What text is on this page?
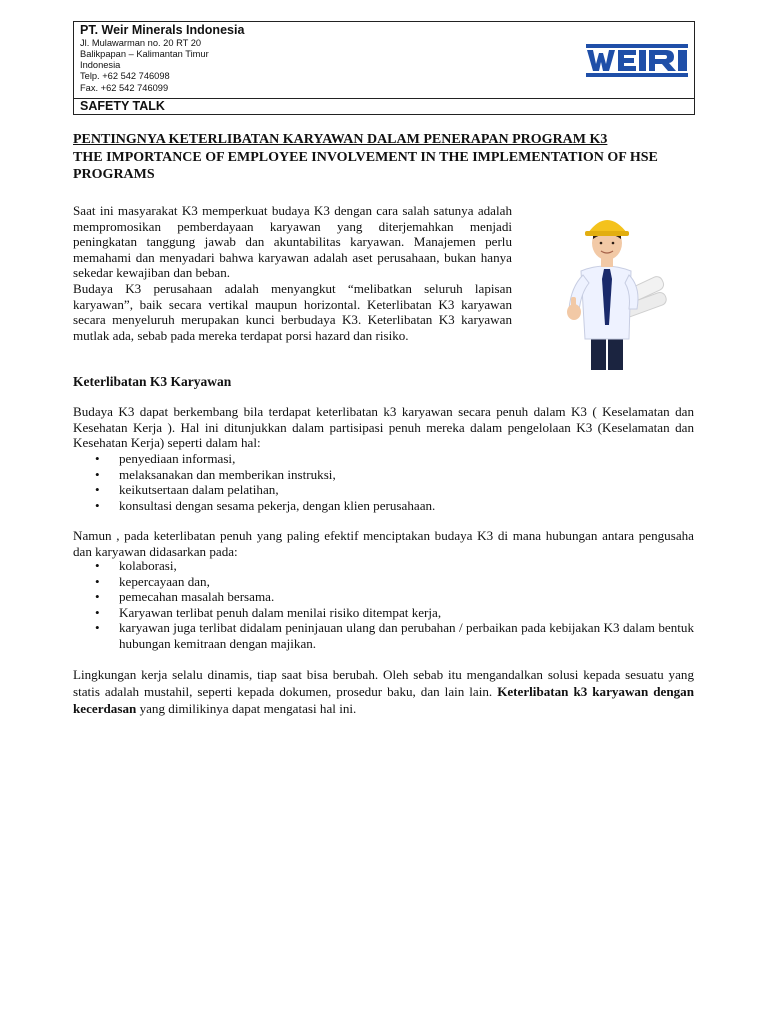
PT. Weir Minerals Indonesia
Jl. Mulawarman no. 20 RT 20
Balikpapan – Kalimantan Timur
Indonesia
Telp. +62 542 746098
Fax. +62 542 746099
SAFETY TALK
PENTINGNYA KETERLIBATAN KARYAWAN DALAM PENERAPAN PROGRAM K3
THE IMPORTANCE OF EMPLOYEE INVOLVEMENT IN THE IMPLEMENTATION OF HSE
PROGRAMS

Saat ini masyarakat K3 memperkuat budaya K3 dengan cara salah satunya adalah mempromosikan pemberdayaan karyawan yang diterjemahkan menjadi peningkatan tanggung jawab dan akuntabilitas karyawan. Manajemen perlu memahami dan menyadari bahwa karyawan adalah aset perusahaan, bukan hanya sekedar kewajiban dan beban.

Budaya K3 perusahaan adalah menyangkut “melibatkan seluruh lapisan karyawan”, baik secara vertikal maupun horizontal. Keterlibatan K3 karyawan secara menyeluruh merupakan kunci berbudaya K3. Keterlibatan K3 karyawan mutlak ada, sebab pada mereka terdapat porsi hazard dan risiko.

Keterlibatan K3 Karyawan

Budaya K3 dapat berkembang bila terdapat keterlibatan k3 karyawan secara penuh dalam K3 ( Keselamatan dan Kesehatan Kerja ). Hal ini ditunjukkan dalam partisipasi penuh mereka dalam pengelolaan K3 (Keselamatan dan Kesehatan Kerja) seperti dalam hal:

• penyediaan informasi,
• melaksanakan dan memberikan instruksi,
• keikutsertaan dalam pelatihan,
• konsultasi dengan sesama pekerja, dengan klien perusahaan.

Namun , pada keterlibatan penuh yang paling efektif menciptakan budaya K3 di mana hubungan antara pengusaha dan karyawan didasarkan pada:

• kolaborasi,
• kepercayaan dan,
• pemecahan masalah bersama.
• Karyawan terlibat penuh dalam menilai risiko ditempat kerja,
• karyawan juga terlibat didalam peninjauan ulang dan perubahan / perbaikan pada kebijakan K3 dalam bentuk hubungan kemitraan dengan majikan.

Lingkungan kerja selalu dinamis, tiap saat bisa berubah. Oleh sebab itu mengandalkan solusi kepada sesuatu yang statis adalah mustahil, seperti kepada dokumen, prosedur baku, dan lain lain. Keterlibatan k3 karyawan dengan kecerdasan yang dimilikinya dapat mengatasi hal ini.
